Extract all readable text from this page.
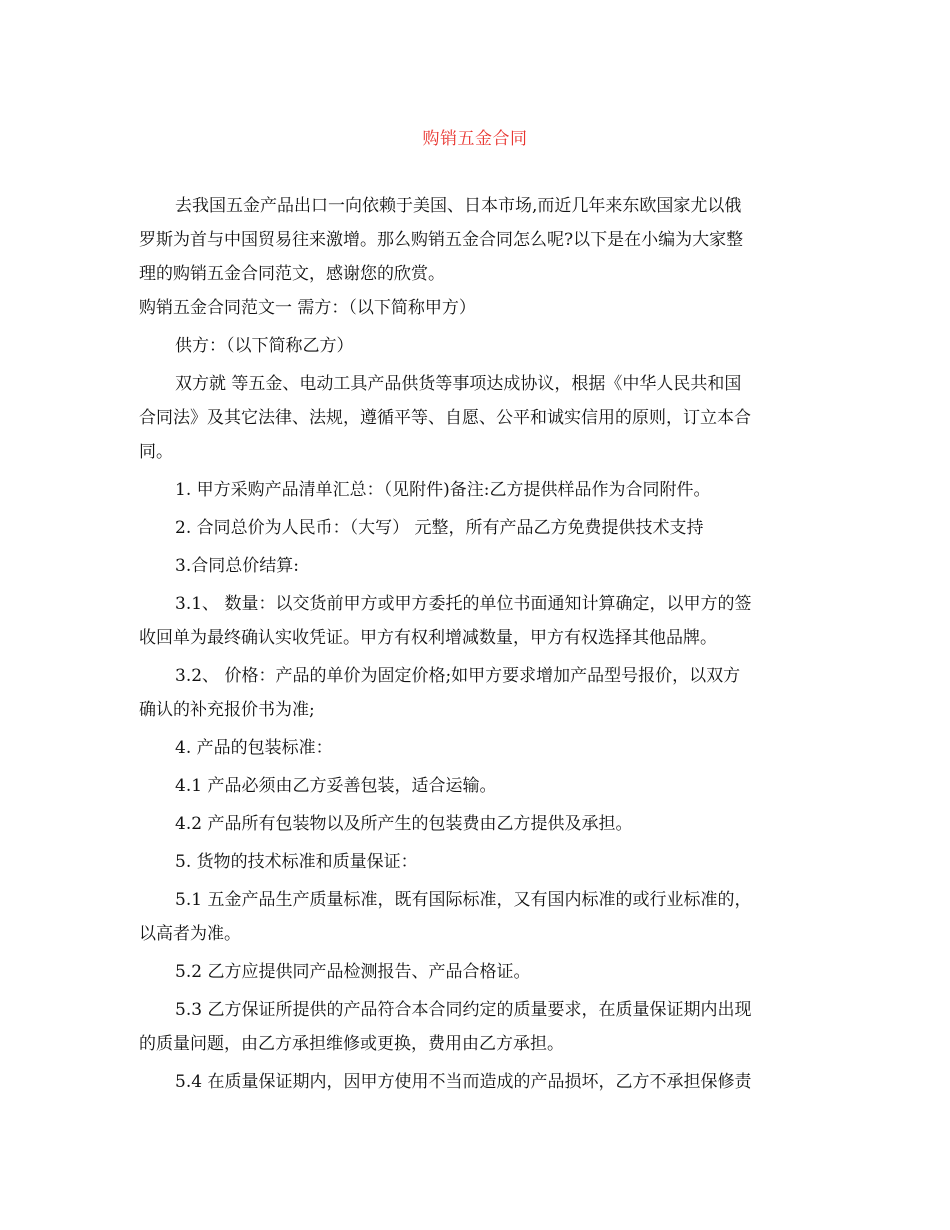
购销五金合同
去我国五金产品出口一向依赖于美国、日本市场,而近几年来东欧国家尤以俄
罗斯为首与中国贸易往来激增。那么购销五金合同怎么呢?以下是在小编为大家整
理的购销五金合同范文，感谢您的欣赏。
购销五金合同范文一 需方：（以下简称甲方）
供方：（以下简称乙方）
双方就 等五金、电动工具产品供货等事项达成协议，根据《中华人民共和国
合同法》及其它法律、法规，遵循平等、自愿、公平和诚实信用的原则，订立本合
同。
1. 甲方采购产品清单汇总：（见附件)备注:乙方提供样品作为合同附件。
2. 合同总价为人民币：（大写） 元整，所有产品乙方免费提供技术支持
3.合同总价结算:
3.1、 数量：以交货前甲方或甲方委托的单位书面通知计算确定，以甲方的签
收回单为最终确认实收凭证。甲方有权利增减数量，甲方有权选择其他品牌。
3.2、 价格：产品的单价为固定价格;如甲方要求增加产品型号报价，以双方
确认的补充报价书为准;
4. 产品的包装标准：
4.1 产品必须由乙方妥善包装，适合运输。
4.2 产品所有包装物以及所产生的包装费由乙方提供及承担。
5. 货物的技术标准和质量保证：
5.1 五金产品生产质量标准，既有国际标准，又有国内标准的或行业标准的，
以高者为准。
5.2 乙方应提供同产品检测报告、产品合格证。
5.3 乙方保证所提供的产品符合本合同约定的质量要求，在质量保证期内出现
的质量问题，由乙方承担维修或更换，费用由乙方承担。
5.4 在质量保证期内，因甲方使用不当而造成的产品损坏，乙方不承担保修责
